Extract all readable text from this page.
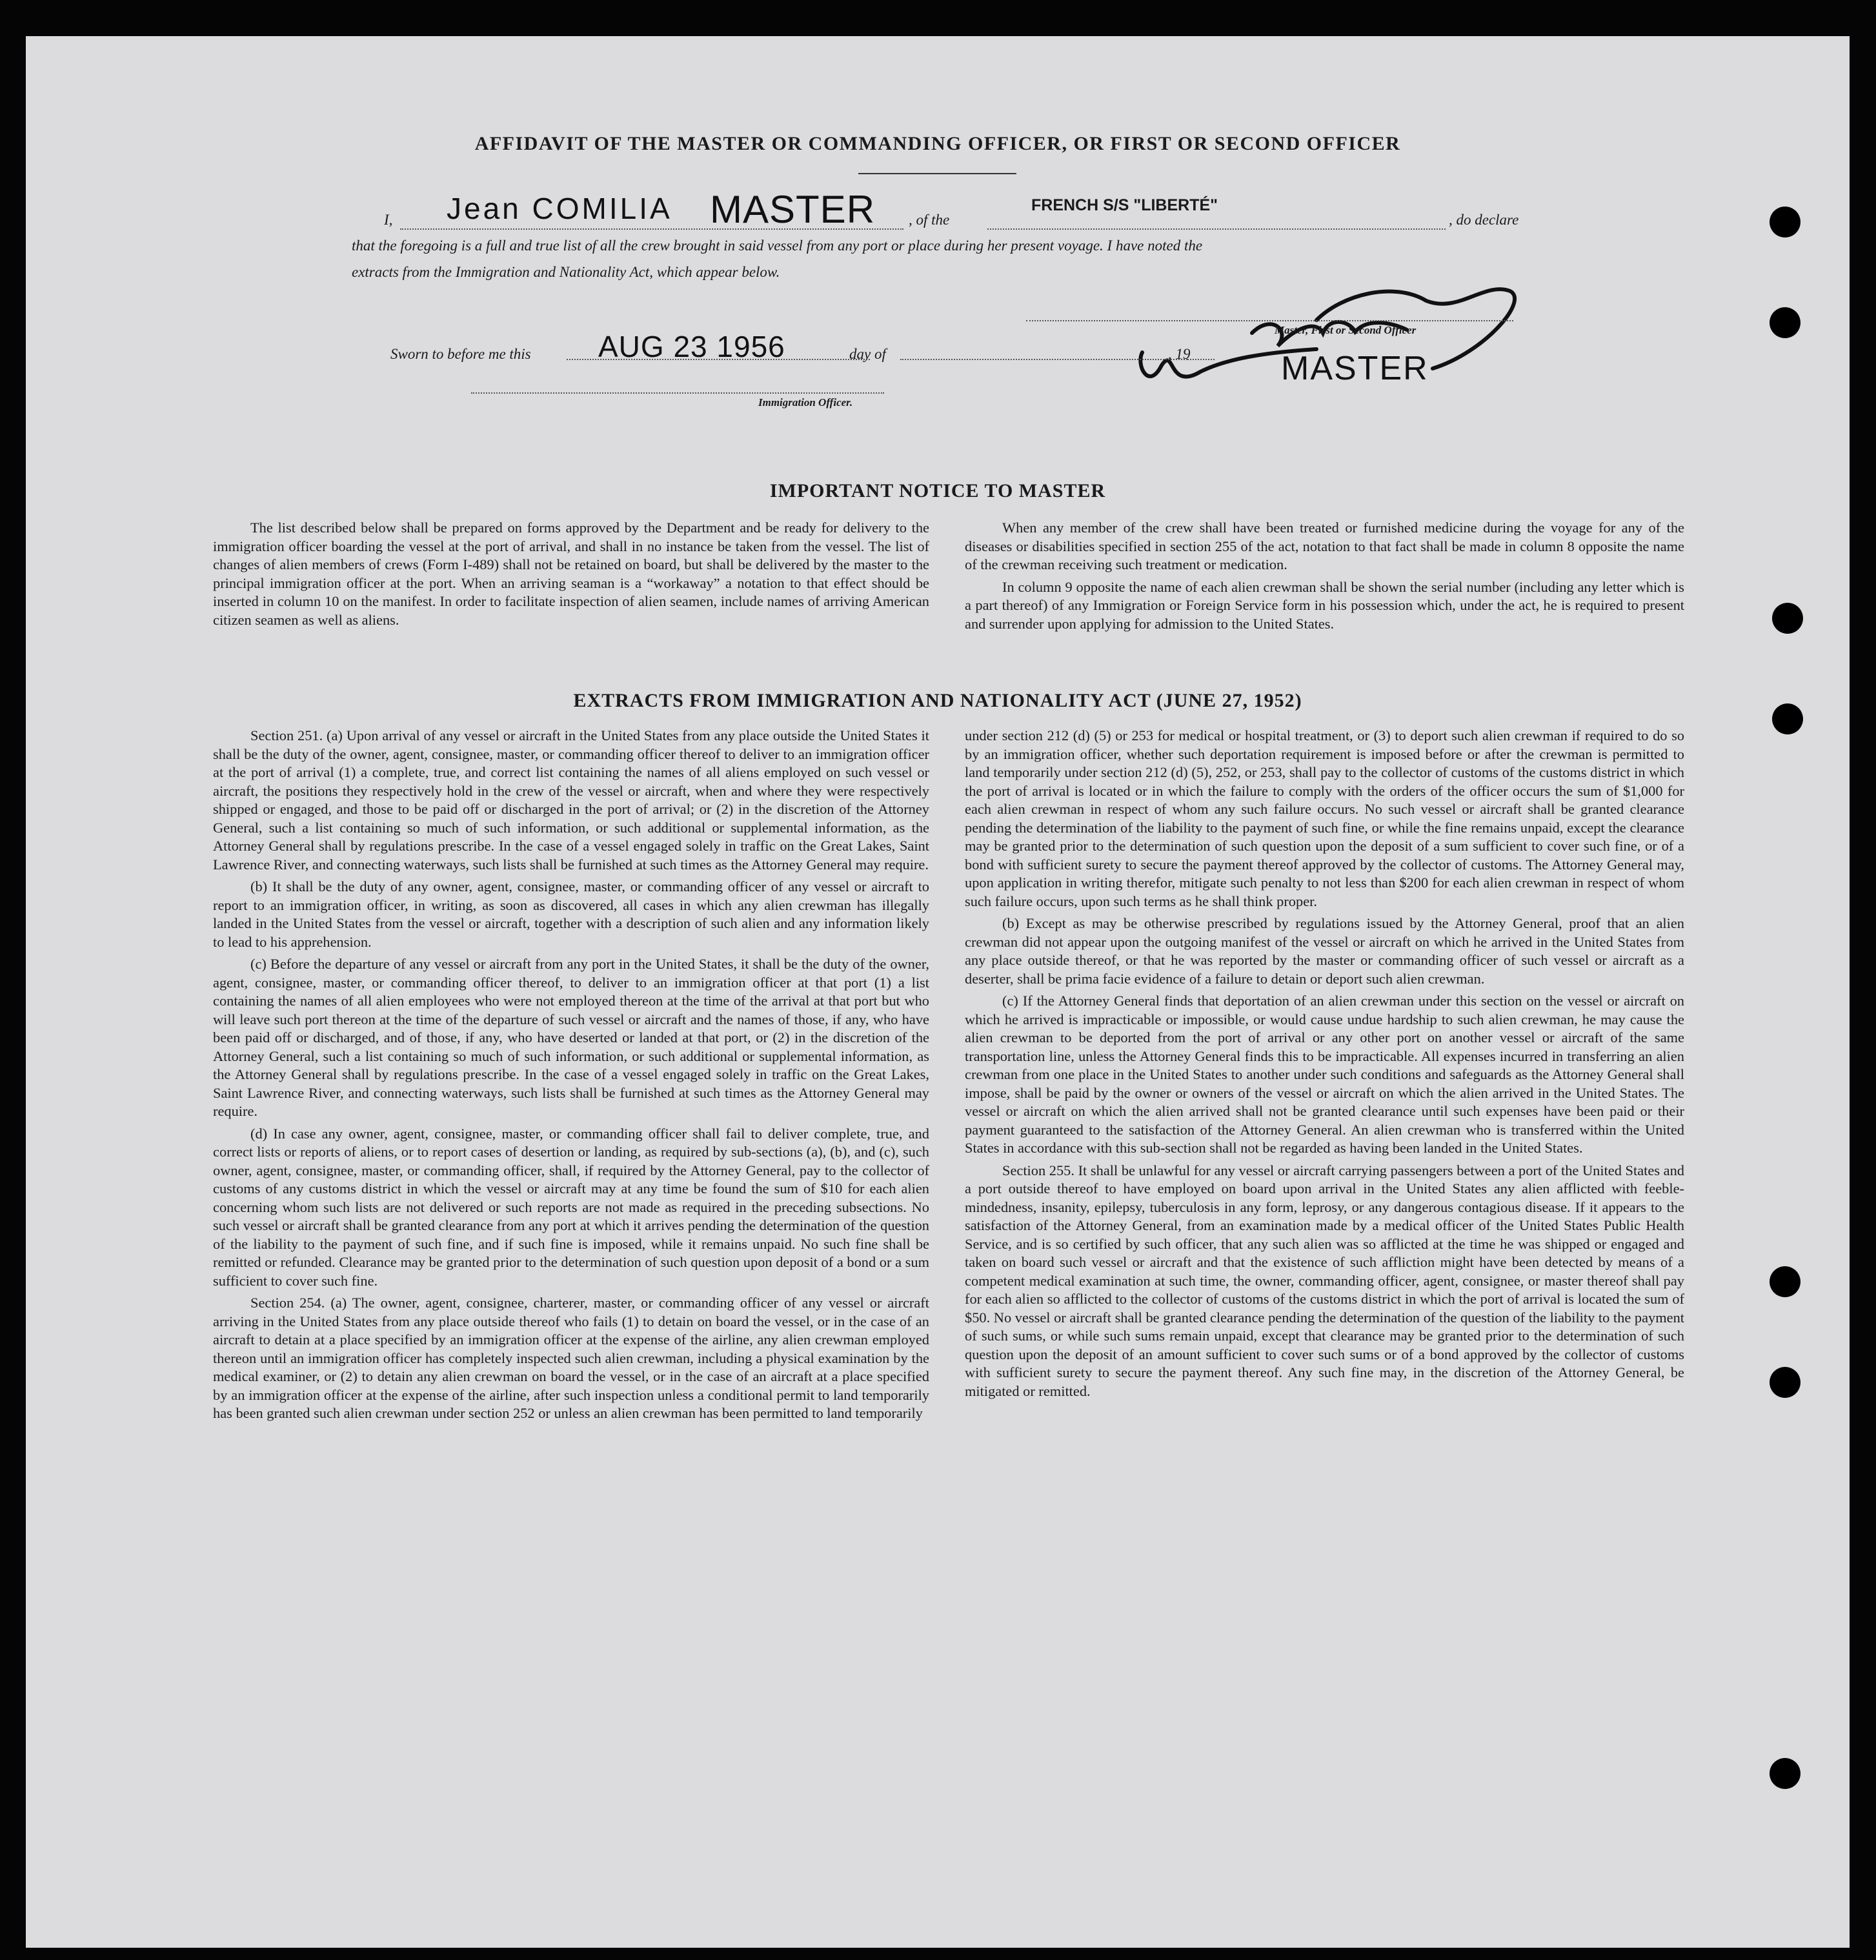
AFFIDAVIT OF THE MASTER OR COMMANDING OFFICER, OR FIRST OR SECOND OFFICER
I, Jean COMILIA MASTER , of the
FRENCH S/S "LIBERTÉ"
, do declare
that the foregoing is a full and true list of all the crew brought in said vessel from any port or place during her present voyage. I have noted the
extracts from the Immigration and Nationality Act, which appear below.
Master, First or Second Officer
MASTER
Sworn to before me this AUG 23 1956	day of	, 19
Immigration Officer.
IMPORTANT NOTICE TO MASTER

The list described below shall be prepared on forms approved by the Department and be ready for delivery to the immigration officer boarding the vessel at the port of arrival, and shall in no instance be taken from the vessel. The list of changes of alien members of crews (Form I-489) shall not be retained on board, but shall be delivered by the master to the principal immigration officer at the port. When an arriving seaman is a “workaway” a notation to that effect should be inserted in column 10 on the manifest. In order to facilitate inspection of alien seamen, include names of arriving American citizen seamen as well as aliens.

When any member of the crew shall have been treated or furnished medicine during the voyage for any of the diseases or disabilities specified in section 255 of the act, notation to that fact shall be made in column 8 opposite the name of the crewman receiving such treatment or medication.

In column 9 opposite the name of each alien crewman shall be shown the serial number (including any letter which is a part thereof) of any Immigration or Foreign Service form in his possession which, under the act, he is required to present and surrender upon applying for admission to the United States.

EXTRACTS FROM IMMIGRATION AND NATIONALITY ACT (JUNE 27, 1952)

Section 251. (a) Upon arrival of any vessel or aircraft in the United States from any place outside the United States it shall be the duty of the owner, agent, consignee, master, or commanding officer thereof to deliver to an immigration officer at the port of arrival (1) a complete, true, and correct list containing the names of all aliens employed on such vessel or aircraft, the positions they respectively hold in the crew of the vessel or aircraft, when and where they were respectively shipped or engaged, and those to be paid off or discharged in the port of arrival; or (2) in the discretion of the Attorney General, such a list containing so much of such information, or such additional or supplemental information, as the Attorney General shall by regulations prescribe. In the case of a vessel engaged solely in traffic on the Great Lakes, Saint Lawrence River, and connecting waterways, such lists shall be furnished at such times as the Attorney General may require.

(b) It shall be the duty of any owner, agent, consignee, master, or commanding officer of any vessel or aircraft to report to an immigration officer, in writing, as soon as discovered, all cases in which any alien crewman has illegally landed in the United States from the vessel or aircraft, together with a description of such alien and any information likely to lead to his apprehension.

(c) Before the departure of any vessel or aircraft from any port in the United States, it shall be the duty of the owner, agent, consignee, master, or commanding officer thereof, to deliver to an immigration officer at that port (1) a list containing the names of all alien employees who were not employed thereon at the time of the arrival at that port but who will leave such port thereon at the time of the departure of such vessel or aircraft and the names of those, if any, who have been paid off or discharged, and of those, if any, who have deserted or landed at that port, or (2) in the discretion of the Attorney General, such a list containing so much of such information, or such additional or supplemental information, as the Attorney General shall by regulations prescribe. In the case of a vessel engaged solely in traffic on the Great Lakes, Saint Lawrence River, and connecting waterways, such lists shall be furnished at such times as the Attorney General may require.

(d) In case any owner, agent, consignee, master, or commanding officer shall fail to deliver complete, true, and correct lists or reports of aliens, or to report cases of desertion or landing, as required by sub-sections (a), (b), and (c), such owner, agent, consignee, master, or commanding officer, shall, if required by the Attorney General, pay to the collector of customs of any customs district in which the vessel or aircraft may at any time be found the sum of $10 for each alien concerning whom such lists are not delivered or such reports are not made as required in the preceding subsections. No such vessel or aircraft shall be granted clearance from any port at which it arrives pending the determination of the question of the liability to the payment of such fine, and if such fine is imposed, while it remains unpaid. No such fine shall be remitted or refunded. Clearance may be granted prior to the determination of such question upon deposit of a bond or a sum sufficient to cover such fine.

Section 254. (a) The owner, agent, consignee, charterer, master, or commanding officer of any vessel or aircraft arriving in the United States from any place outside thereof who fails (1) to detain on board the vessel, or in the case of an aircraft to detain at a place specified by an immigration officer at the expense of the airline, any alien crewman employed thereon until an immigration officer has completely inspected such alien crewman, including a physical examination by the medical examiner, or (2) to detain any alien crewman on board the vessel, or in the case of an aircraft at a place specified by an immigration officer at the expense of the airline, after such inspection unless a conditional permit to land temporarily has been granted such alien crewman under section 252 or unless an alien crewman has been permitted to land temporarily

under section 212 (d) (5) or 253 for medical or hospital treatment, or (3) to deport such alien crewman if required to do so by an immigration officer, whether such deportation requirement is imposed before or after the crewman is permitted to land temporarily under section 212 (d) (5), 252, or 253, shall pay to the collector of customs of the customs district in which the port of arrival is located or in which the failure to comply with the orders of the officer occurs the sum of $1,000 for each alien crewman in respect of whom any such failure occurs. No such vessel or aircraft shall be granted clearance pending the determination of the liability to the payment of such fine, or while the fine remains unpaid, except the clearance may be granted prior to the determination of such question upon the deposit of a sum sufficient to cover such fine, or of a bond with sufficient surety to secure the payment thereof approved by the collector of customs. The Attorney General may, upon application in writing therefor, mitigate such penalty to not less than $200 for each alien crewman in respect of whom such failure occurs, upon such terms as he shall think proper.

(b) Except as may be otherwise prescribed by regulations issued by the Attorney General, proof that an alien crewman did not appear upon the outgoing manifest of the vessel or aircraft on which he arrived in the United States from any place outside thereof, or that he was reported by the master or commanding officer of such vessel or aircraft as a deserter, shall be prima facie evidence of a failure to detain or deport such alien crewman.

(c) If the Attorney General finds that deportation of an alien crewman under this section on the vessel or aircraft on which he arrived is impracticable or impossible, or would cause undue hardship to such alien crewman, he may cause the alien crewman to be deported from the port of arrival or any other port on another vessel or aircraft of the same transportation line, unless the Attorney General finds this to be impracticable. All expenses incurred in transferring an alien crewman from one place in the United States to another under such conditions and safeguards as the Attorney General shall impose, shall be paid by the owner or owners of the vessel or aircraft on which the alien arrived in the United States. The vessel or aircraft on which the alien arrived shall not be granted clearance until such expenses have been paid or their payment guaranteed to the satisfaction of the Attorney General. An alien crewman who is transferred within the United States in accordance with this sub-section shall not be regarded as having been landed in the United States.

Section 255. It shall be unlawful for any vessel or aircraft carrying passengers between a port of the United States and a port outside thereof to have employed on board upon arrival in the United States any alien afflicted with feeble-mindedness, insanity, epilepsy, tuberculosis in any form, leprosy, or any dangerous contagious disease. If it appears to the satisfaction of the Attorney General, from an examination made by a medical officer of the United States Public Health Service, and is so certified by such officer, that any such alien was so afflicted at the time he was shipped or engaged and taken on board such vessel or aircraft and that the existence of such affliction might have been detected by means of a competent medical examination at such time, the owner, commanding officer, agent, consignee, or master thereof shall pay for each alien so afflicted to the collector of customs of the customs district in which the port of arrival is located the sum of $50. No vessel or aircraft shall be granted clearance pending the determination of the question of the liability to the payment of such sums, or while such sums remain unpaid, except that clearance may be granted prior to the determination of such question upon the deposit of an amount sufficient to cover such sums or of a bond approved by the collector of customs with sufficient surety to secure the payment thereof. Any such fine may, in the discretion of the Attorney General, be mitigated or remitted.
